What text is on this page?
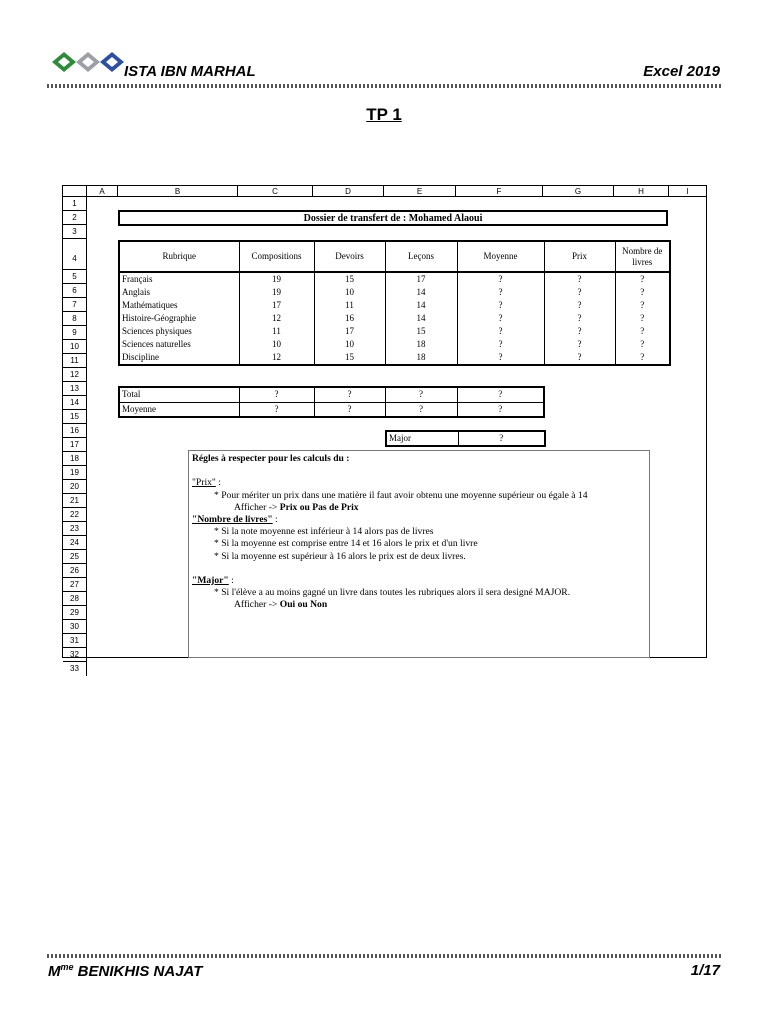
ISTA IBN MARHAL	Excel 2019
TP 1
A	B	C	D	E	F	G	H	I
1
2
3
4
5
6
7
8
9
10
11
12
13
14
15
16
17
18
19
20
21
22
23
24
25
26
27
28
29
30
31
32
33
Dossier de transfert de : Mohamed Alaoui
Rubrique	Compositions	Devoirs	Leçons	Moyenne	Prix	Nombre de livres
Français	19	15	17	?	?	?
Anglais	19	10	14	?	?	?
Mathématiques	17	11	14	?	?	?
Histoire-Géographie	12	16	14	?	?	?
Sciences physiques	11	17	15	?	?	?
Sciences naturelles	10	10	18	?	?	?
Discipline	12	15	18	?	?	?
Total	?	?	?	?
Moyenne	?	?	?	?
Major	?

Régles à respecter pour les calculs du :

"Prix" :

* Pour mériter un prix dans une matière il faut avoir obtenu une moyenne supérieur ou égale à 14

Afficher -> Prix ou Pas de Prix

"Nombre de livres" :

* Si la note moyenne est inférieur à 14 alors pas de livres

* Si la moyenne est comprise entre 14 et 16 alors le prix et d'un livre

* Si la moyenne est supérieur à 16 alors le prix est de deux livres.

"Major" :

* Si l'élève a au moins gagné un livre dans toutes les rubriques alors il sera designé MAJOR.

Afficher -> Oui ou Non

$M^{me}$ BENIKHIS NAJAT	1/17
